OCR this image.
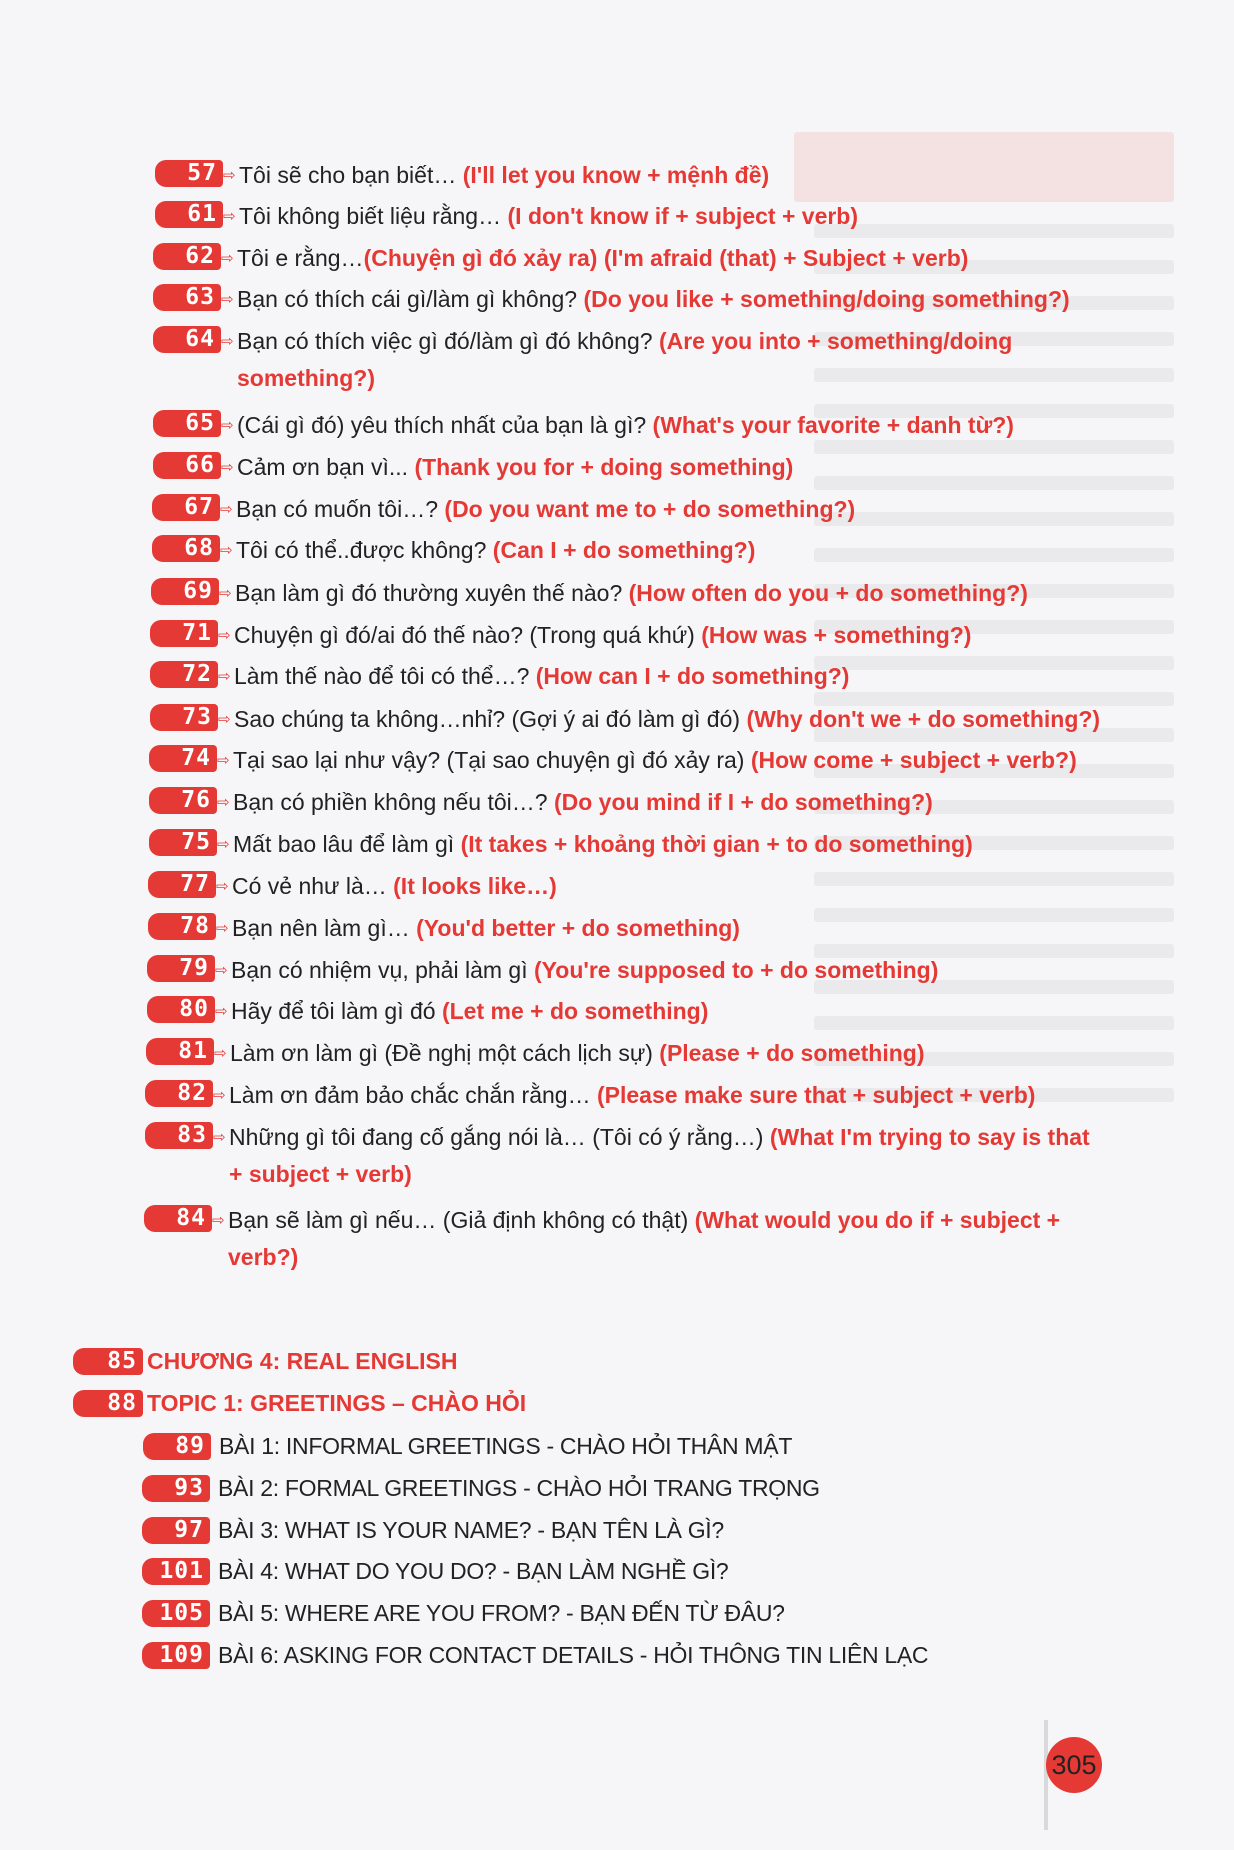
57 ⇨ Tôi sẽ cho bạn biết… (I'll let you know + mệnh đề)
61 ⇨ Tôi không biết liệu rằng… (I don't know if + subject + verb)
62 ⇨ Tôi e rằng…(Chuyện gì đó xảy ra) (I'm afraid (that) + Subject + verb)
63 ⇨ Bạn có thích cái gì/làm gì không? (Do you like + something/doing something?)
64 ⇨ Bạn có thích việc gì đó/làm gì đó không? (Are you into + something/doing something?)
65 ⇨ (Cái gì đó) yêu thích nhất của bạn là gì? (What's your favorite + danh từ?)
66 ⇨ Cảm ơn bạn vì... (Thank you for + doing something)
67 ⇨ Bạn có muốn tôi…? (Do you want me to + do something?)
68 ⇨ Tôi có thể..được không? (Can I + do something?)
69 ⇨ Bạn làm gì đó thường xuyên thế nào? (How often do you + do something?)
71 ⇨ Chuyện gì đó/ai đó thế nào? (Trong quá khứ) (How was + something?)
72 ⇨ Làm thế nào để tôi có thể…? (How can I + do something?)
73 ⇨ Sao chúng ta không…nhỉ? (Gợi ý ai đó làm gì đó) (Why don't we + do something?)
74 ⇨ Tại sao lại như vậy? (Tại sao chuyện gì đó xảy ra) (How come + subject + verb?)
76 ⇨ Bạn có phiền không nếu tôi…? (Do you mind if I + do something?)
75 ⇨ Mất bao lâu để làm gì (It takes + khoảng thời gian + to do something)
77 ⇨ Có vẻ như là… (It looks like…)
78 ⇨ Bạn nên làm gì… (You'd better + do something)
79 ⇨ Bạn có nhiệm vụ, phải làm gì (You're supposed to + do something)
80 ⇨ Hãy để tôi làm gì đó (Let me + do something)
81 ⇨ Làm ơn làm gì (Đề nghị một cách lịch sự) (Please + do something)
82 ⇨ Làm ơn đảm bảo chắc chắn rằng… (Please make sure that + subject + verb)
83 ⇨ Những gì tôi đang cố gắng nói là… (Tôi có ý rằng…) (What I'm trying to say is that + subject + verb)
84 ⇨ Bạn sẽ làm gì nếu… (Giả định không có thật) (What would you do if + subject + verb?)
85 CHƯƠNG 4: REAL ENGLISH
88 TOPIC 1: GREETINGS – CHÀO HỎI
89 BÀI 1: INFORMAL GREETINGS - CHÀO HỎI THÂN MẬT
93 BÀI 2: FORMAL GREETINGS - CHÀO HỎI TRANG TRỌNG
97 BÀI 3: WHAT IS YOUR NAME? - BẠN TÊN LÀ GÌ?
101 BÀI 4: WHAT DO YOU DO? - BẠN LÀM NGHỀ GÌ?
105 BÀI 5: WHERE ARE YOU FROM? - BẠN ĐẾN TỪ ĐÂU?
109 BÀI 6: ASKING FOR CONTACT DETAILS - HỎI THÔNG TIN LIÊN LẠC
305
